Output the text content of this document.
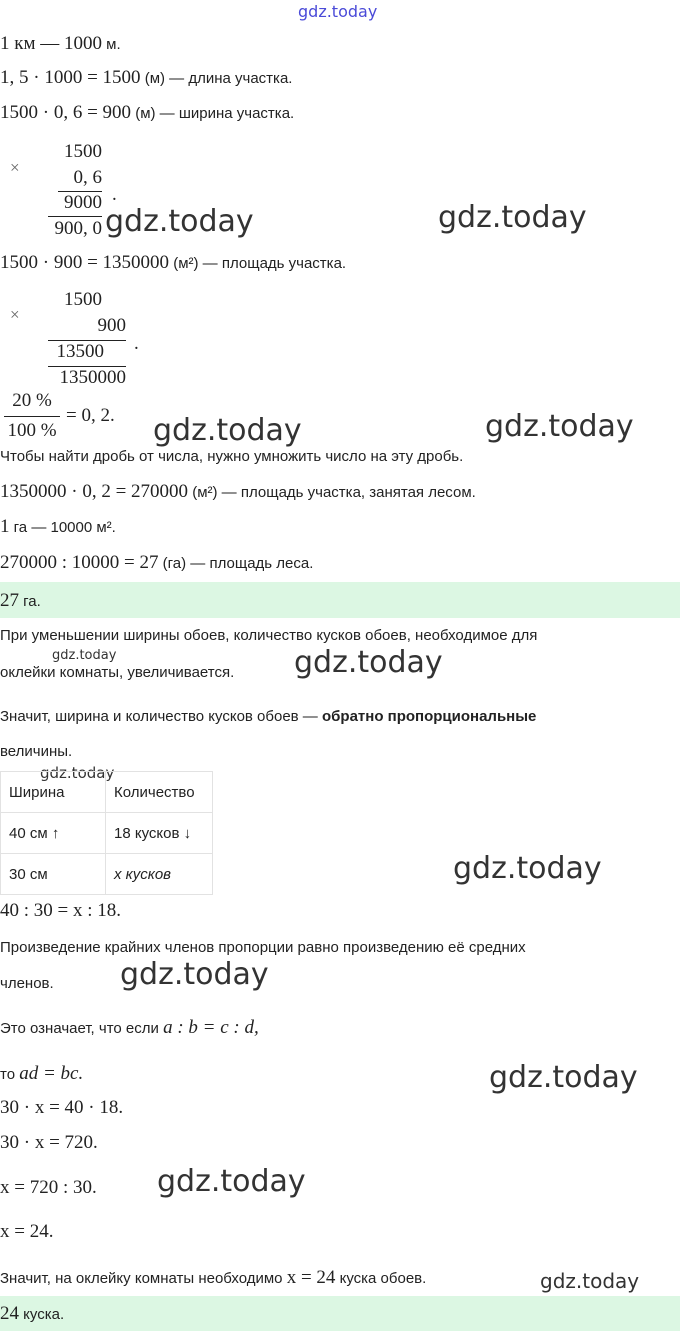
gdz.today
1 км — 1000 м.
1, 5 · 1000 = 1500 (м) — длина участка.
1500 · 0, 6 = 900 (м) — ширина участка.
×
1500
0, 6
9000
900, 0
.
gdz.today	gdz.today
1500 · 900 = 1350000 (м²) — площадь участка.
×
1500
900
13500
1350000
.
20 %
100 %
= 0, 2. gdz.today	gdz.today
Чтобы найти дробь от числа, нужно умножить число на эту дробь.
1350000 · 0, 2 = 270000 (м²) — площадь участка, занятая лесом.
1 га — 10000 м².
270000 : 10000 = 27 (га) — площадь леса.
27 га.
При уменьшении ширины обоев, количество кусков обоев, необходимое для
gdz.today
оклейки комнаты, увеличивается. gdz.today
Значит, ширина и количество кусков обоев — обратно пропорциональные
величины.
gdz.today
Ширина	Количество
40 см ↑	18 кусков ↓
30 см	x кусков	gdz.today
40 : 30 = x : 18.
Произведение крайних членов пропорции равно произведению её средних
членов. gdz.today
Это означает, что если a : b = c : d,
то ad = bc.	gdz.today
30 · x = 40 · 18.
30 · x = 720.
x = 720 : 30. gdz.today
x = 24.
Значит, на оклейку комнаты необходимо x = 24 куска обоев.	gdz.today
24 куска.
